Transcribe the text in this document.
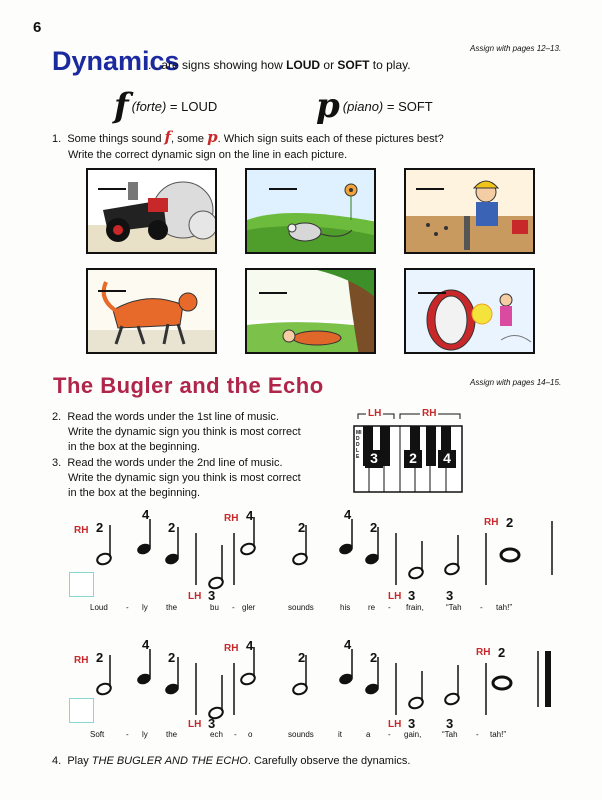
6
Assign with pages 12–13.
Dynamics
. . are signs showing how LOUD or SOFT to play.
f (forte) = LOUD	p (piano) = SOFT
1. Some things sound f, some p. Which sign suits each of these pictures best?
Write the correct dynamic sign on the line in each picture.
The Bugler and the Echo	Assign with pages 14–15.
2. Read the words under the 1st line of music.
Write the dynamic sign you think is most correct
in the box at the beginning.
3. Read the words under the 2nd line of music.
Write the dynamic sign you think is most correct
in the box at the beginning.
LH	RH
MIDDLE 3	2	4
RH 2
4
2
RH 4
2
4
2
LH 3	LH 3 3
RH 2
Loud - ly the	bu - gler	sounds	his re - frain,	“Tah - tah!”
RH 2
4
2
RH 4
2
4
2
LH 3	LH 3 3
RH 2
Soft	- ly the	ech - o	sounds	it	a - gain,	“Tah - tah!”
4. Play THE BUGLER AND THE ECHO. Carefully observe the dynamics.
